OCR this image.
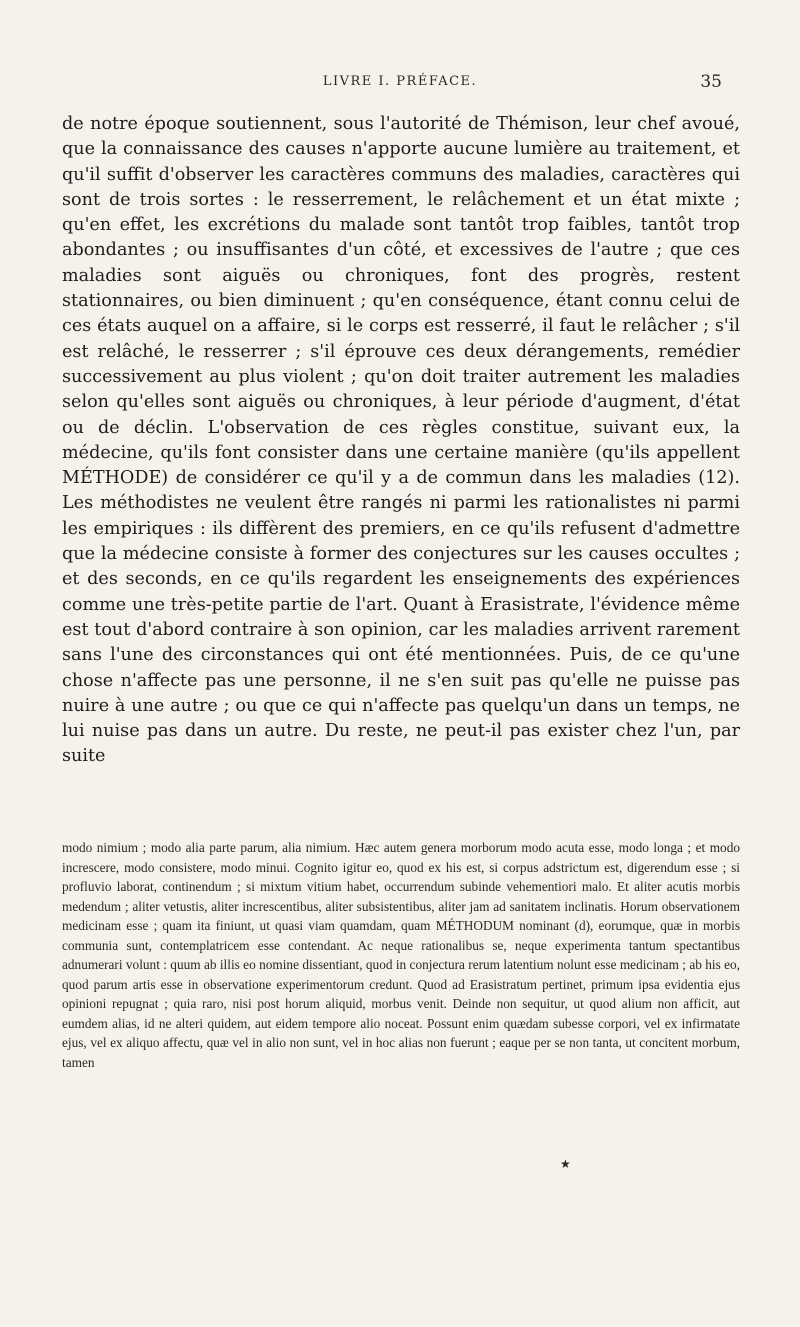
LIVRE I. PRÉFACE.	35

de notre époque soutiennent, sous l'autorité de Thémison, leur chef avoué, que la connaissance des causes n'apporte aucune lumière au traitement, et qu'il suffit d'observer les caractères communs des maladies, caractères qui sont de trois sortes : le resserrement, le relâchement et un état mixte ; qu'en effet, les excrétions du malade sont tantôt trop faibles, tantôt trop abondantes ; ou insuffisantes d'un côté, et excessives de l'autre ; que ces maladies sont aiguës ou chroniques, font des progrès, restent stationnaires, ou bien diminuent ; qu'en conséquence, étant connu celui de ces états auquel on a affaire, si le corps est resserré, il faut le relâcher ; s'il est relâché, le resserrer ; s'il éprouve ces deux dérangements, remédier successivement au plus violent ; qu'on doit traiter autrement les maladies selon qu'elles sont aiguës ou chroniques, à leur période d'augment, d'état ou de déclin. L'observation de ces règles constitue, suivant eux, la médecine, qu'ils font consister dans une certaine manière (qu'ils appellent MÉTHODE) de considérer ce qu'il y a de commun dans les maladies (12). Les méthodistes ne veulent être rangés ni parmi les rationalistes ni parmi les empiriques : ils diffèrent des premiers, en ce qu'ils refusent d'admettre que la médecine consiste à former des conjectures sur les causes occultes ; et des seconds, en ce qu'ils regardent les enseignements des expériences comme une très-petite partie de l'art. Quant à Erasistrate, l'évidence même est tout d'abord contraire à son opinion, car les maladies arrivent rarement sans l'une des circonstances qui ont été mentionnées. Puis, de ce qu'une chose n'affecte pas une personne, il ne s'en suit pas qu'elle ne puisse pas nuire à une autre ; ou que ce qui n'affecte pas quelqu'un dans un temps, ne lui nuise pas dans un autre. Du reste, ne peut-il pas exister chez l'un, par suite

modo nimium ; modo alia parte parum, alia nimium. Hæc autem genera morborum modo acuta esse, modo longa ; et modo increscere, modo consistere, modo minui. Cognito igitur eo, quod ex his est, si corpus adstrictum est, digerendum esse ; si profluvio laborat, continendum ; si mixtum vitium habet, occurrendum subinde vehementiori malo. Et aliter acutis morbis medendum ; aliter vetustis, aliter increscentibus, aliter subsistentibus, aliter jam ad sanitatem inclinatis. Horum observationem medicinam esse ; quam ita finiunt, ut quasi viam quamdam, quam MÉTHODUM nominant (d), eorumque, quæ in morbis communia sunt, contemplatricem esse contendant. Ac neque rationalibus se, neque experimenta tantum spectantibus adnumerari volunt : quum ab illis eo nomine dissentiant, quod in conjectura rerum latentium nolunt esse medicinam ; ab his eo, quod parum artis esse in observatione experimentorum credunt. Quod ad Erasistratum pertinet, primum ipsa evidentia ejus opinioni repugnat ; quia raro, nisi post horum aliquid, morbus venit. Deinde non sequitur, ut quod alium non afficit, aut eumdem alias, id ne alteri quidem, aut eidem tempore alio noceat. Possunt enim quædam subesse corpori, vel ex infirmatate ejus, vel ex aliquo affectu, quæ vel in alio non sunt, vel in hoc alias non fuerunt ; eaque per se non tanta, ut concitent morbum, tamen

★
